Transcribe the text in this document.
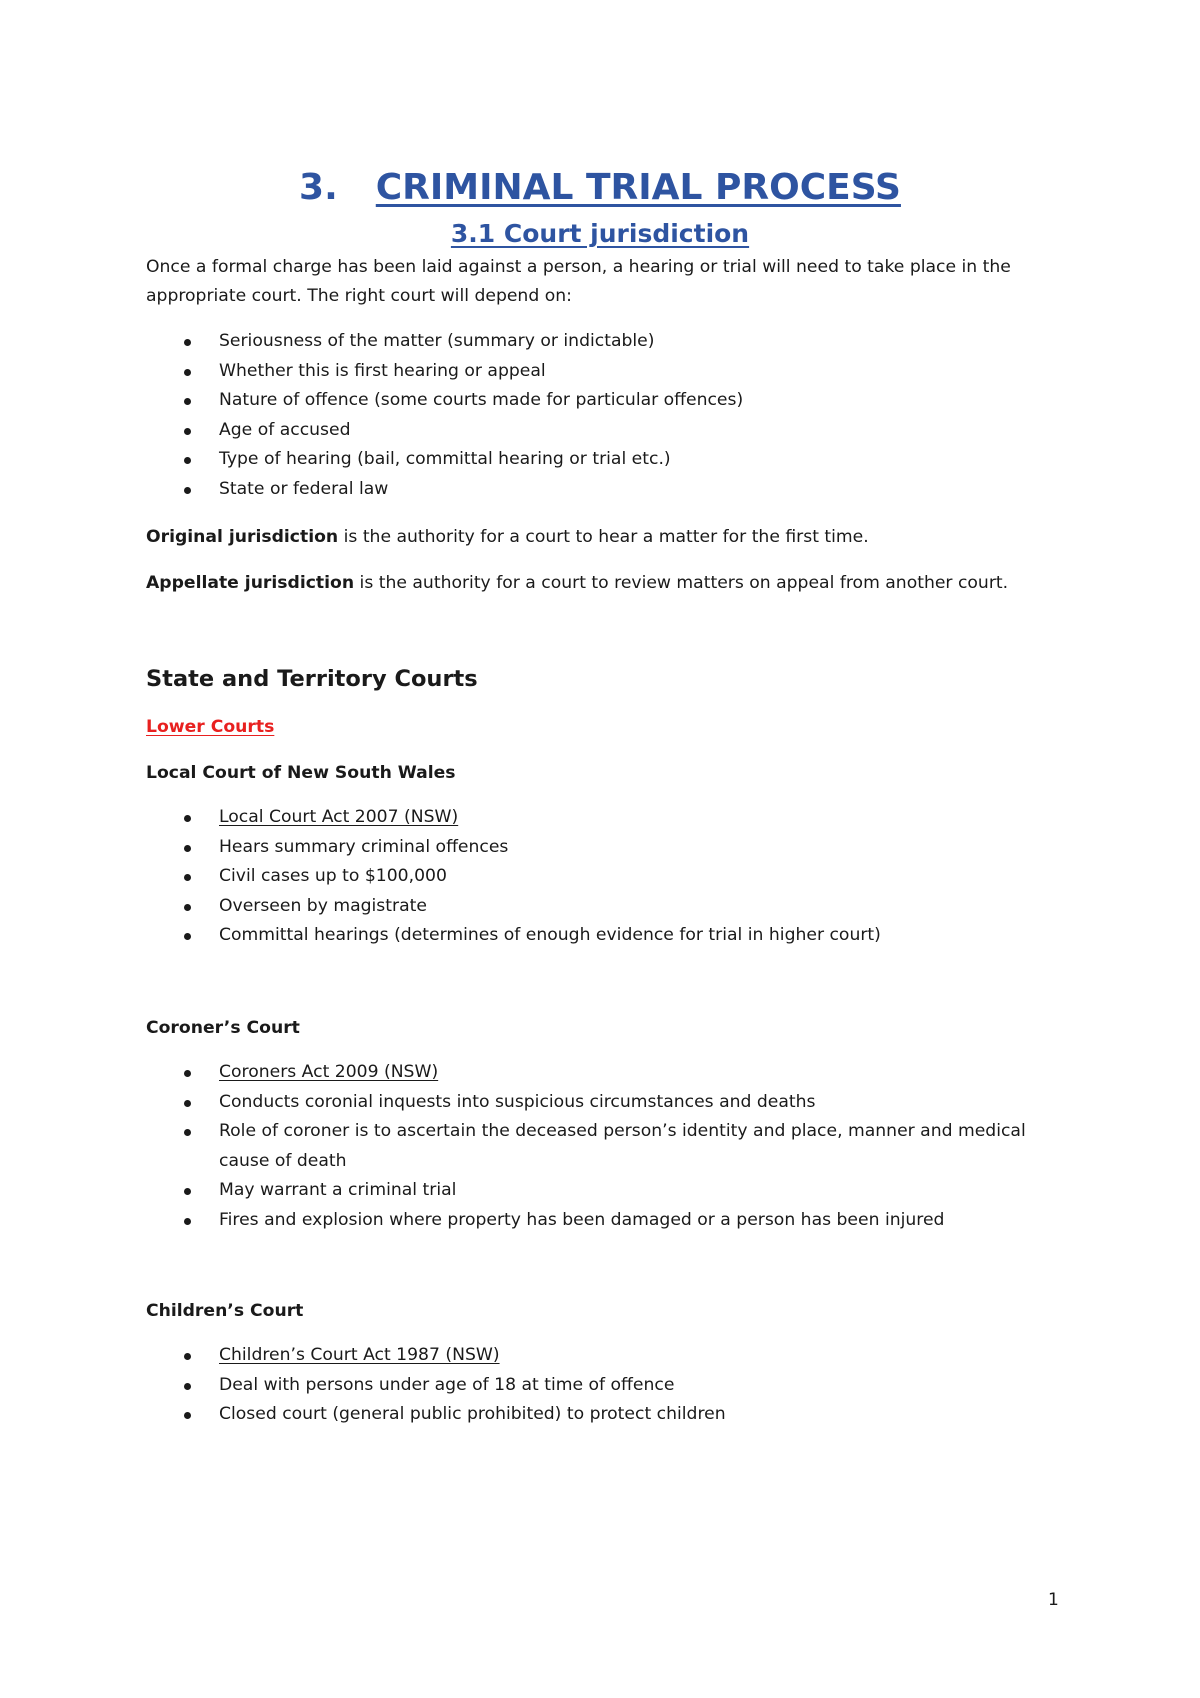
3. CRIMINAL TRIAL PROCESS
3.1 Court jurisdiction

Once a formal charge has been laid against a person, a hearing or trial will need to take place in the appropriate court. The right court will depend on:

Seriousness of the matter (summary or indictable)
Whether this is first hearing or appeal
Nature of offence (some courts made for particular offences)
Age of accused
Type of hearing (bail, committal hearing or trial etc.)
State or federal law

Original jurisdiction is the authority for a court to hear a matter for the first time.

Appellate jurisdiction is the authority for a court to review matters on appeal from another court.

State and Territory Courts

Lower Courts

Local Court of New South Wales

Local Court Act 2007 (NSW)
Hears summary criminal offences
Civil cases up to $100,000
Overseen by magistrate
Committal hearings (determines of enough evidence for trial in higher court)

Coroner’s Court

Coroners Act 2009 (NSW)
Conducts coronial inquests into suspicious circumstances and deaths
Role of coroner is to ascertain the deceased person’s identity and place, manner and medical cause of death
May warrant a criminal trial
Fires and explosion where property has been damaged or a person has been injured

Children’s Court

Children’s Court Act 1987 (NSW)
Deal with persons under age of 18 at time of offence
Closed court (general public prohibited) to protect children
1
